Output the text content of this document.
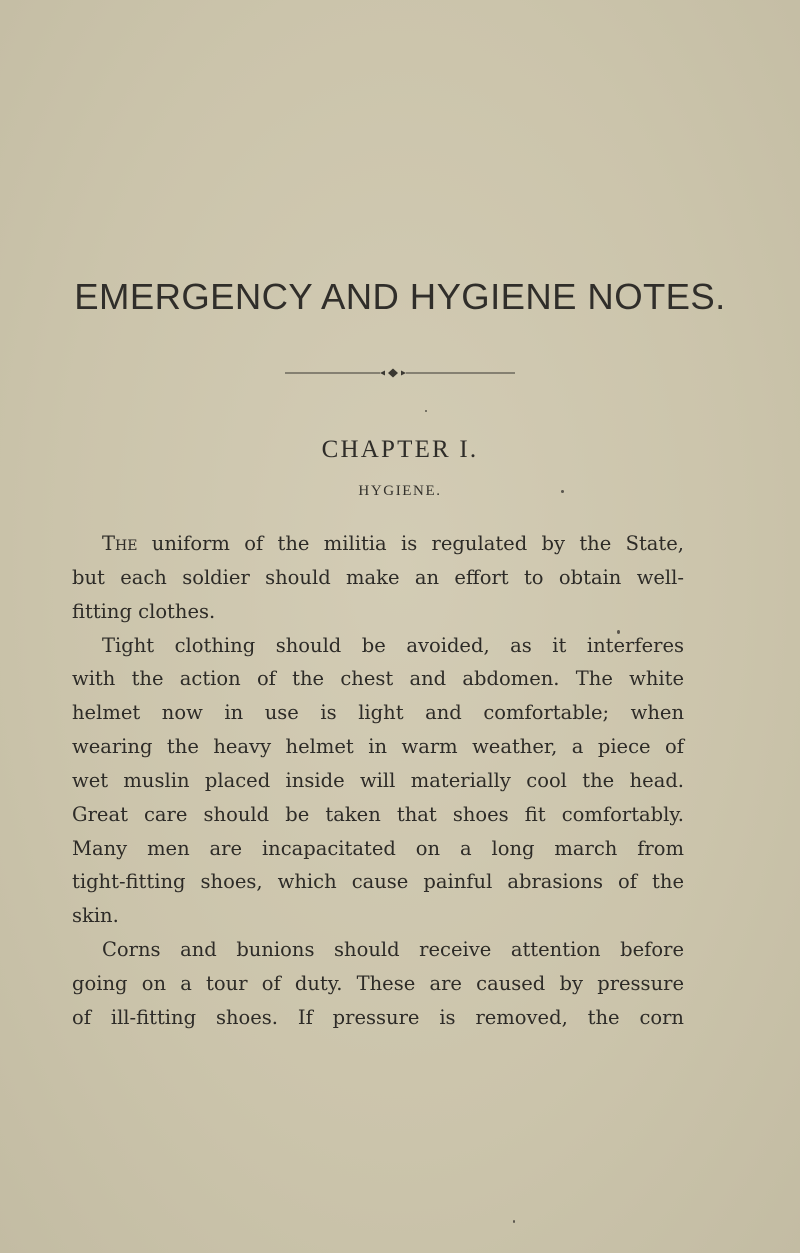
EMERGENCY AND HYGIENE NOTES.
CHAPTER I.
HYGIENE.
The uniform of the militia is regulated by the State,
but each soldier should make an effort to obtain well-
fitting clothes.
Tight clothing should be avoided, as it interferes
with the action of the chest and abdomen. The white
helmet now in use is light and comfortable; when
wearing the heavy helmet in warm weather, a piece of
wet muslin placed inside will materially cool the head.
Great care should be taken that shoes fit comfortably.
Many men are incapacitated on a long march from
tight-fitting shoes, which cause painful abrasions of the
skin.
Corns and bunions should receive attention before
going on a tour of duty. These are caused by pressure
of ill-fitting shoes. If pressure is removed, the corn
